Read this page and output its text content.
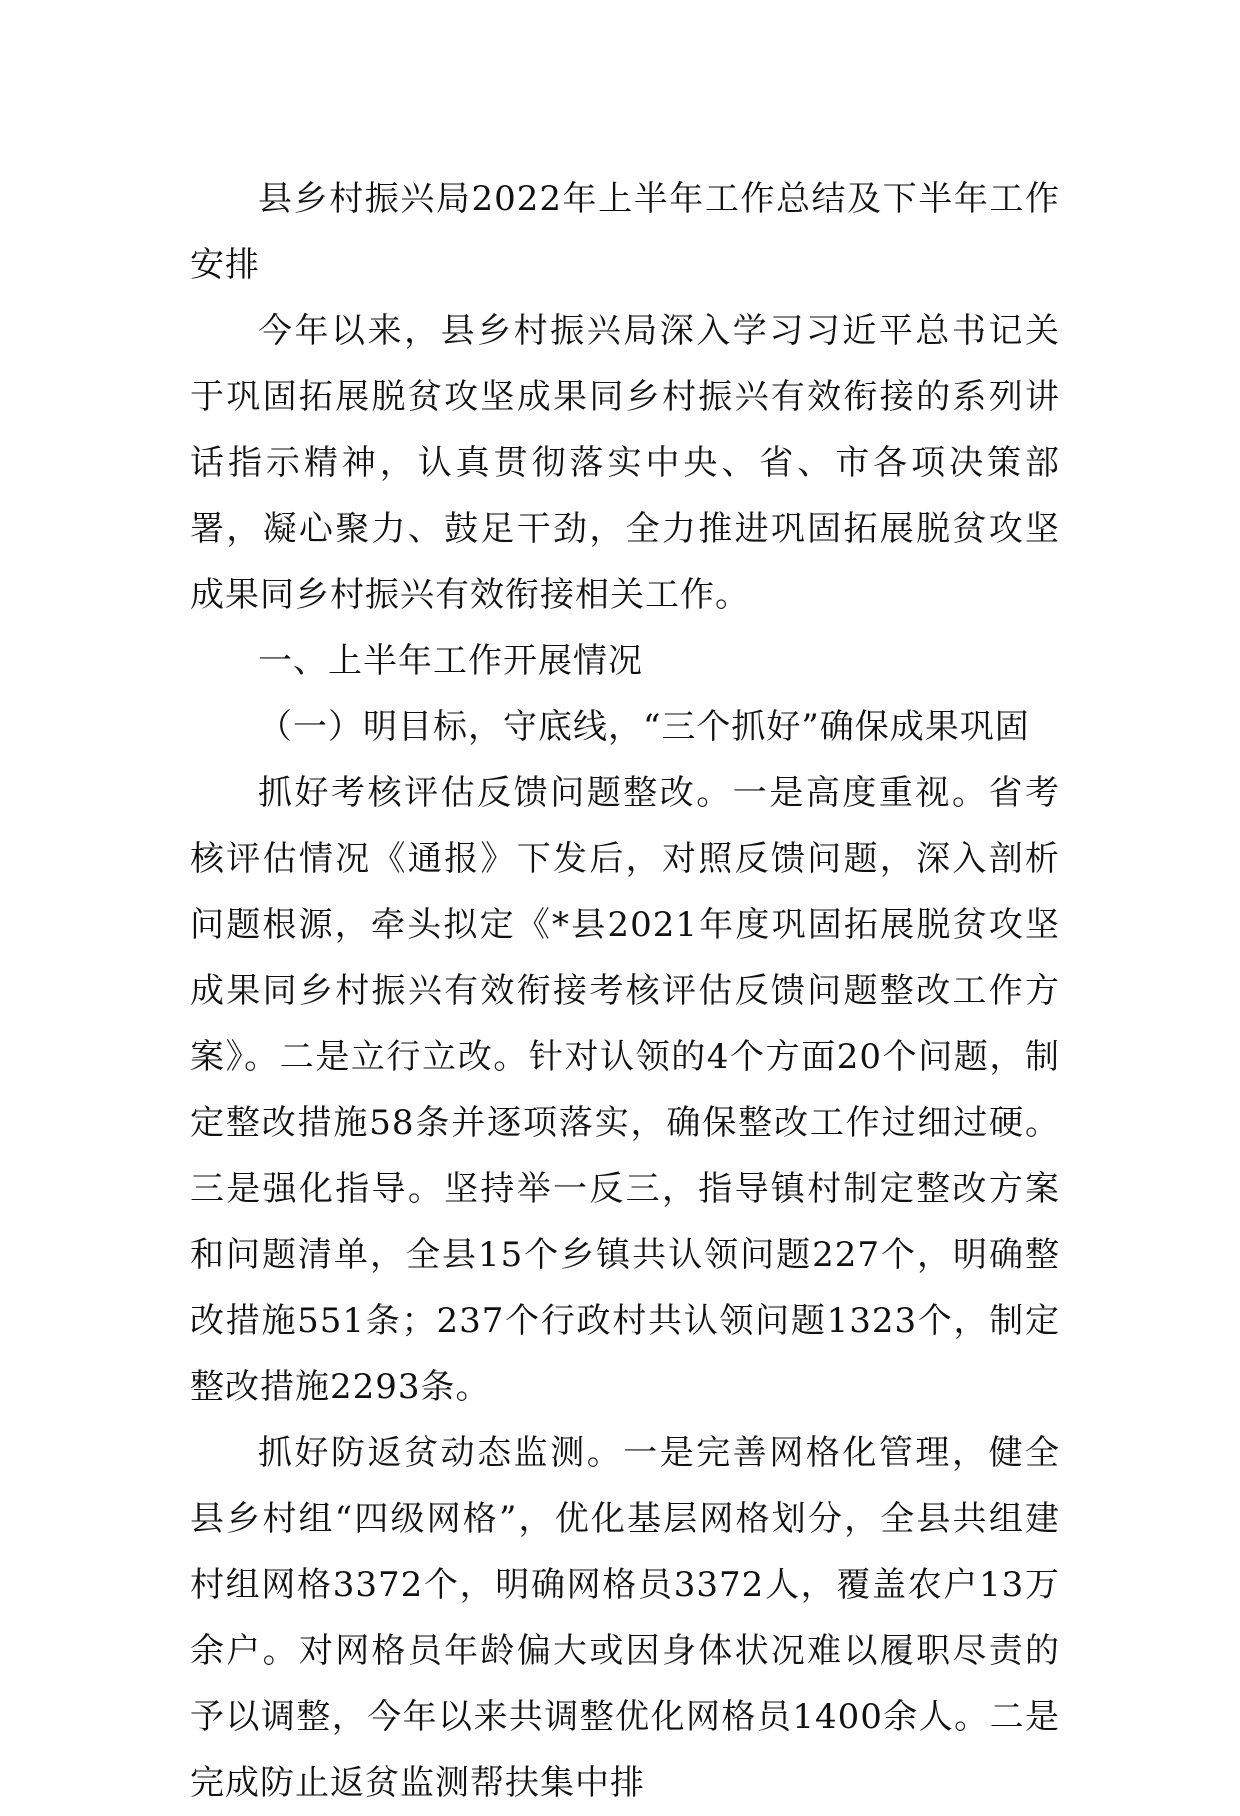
县乡村振兴局2022年上半年工作总结及下半年工作安排

今年以来，县乡村振兴局深入学习习近平总书记关于巩固拓展脱贫攻坚成果同乡村振兴有效衔接的系列讲话指示精神，认真贯彻落实中央、省、市各项决策部署，凝心聚力、鼓足干劲，全力推进巩固拓展脱贫攻坚成果同乡村振兴有效衔接相关工作。

一、上半年工作开展情况

（一）明目标，守底线，“三个抓好”确保成果巩固

抓好考核评估反馈问题整改。一是高度重视。省考核评估情况《通报》下发后，对照反馈问题，深入剖析问题根源，牵头拟定《*县2021年度巩固拓展脱贫攻坚成果同乡村振兴有效衔接考核评估反馈问题整改工作方案》。二是立行立改。针对认领的4个方面20个问题，制定整改措施58条并逐项落实，确保整改工作过细过硬。三是强化指导。坚持举一反三，指导镇村制定整改方案和问题清单，全县15个乡镇共认领问题227个，明确整改措施551条；237个行政村共认领问题1323个，制定整改措施2293条。

抓好防返贫动态监测。一是完善网格化管理，健全县乡村组“四级网格”，优化基层网格划分，全县共组建村组网格3372个，明确网格员3372人，覆盖农户13万余户。对网格员年龄偏大或因身体状况难以履职尽责的予以调整，今年以来共调整优化网格员1400余人。二是完成防止返贫监测帮扶集中排
